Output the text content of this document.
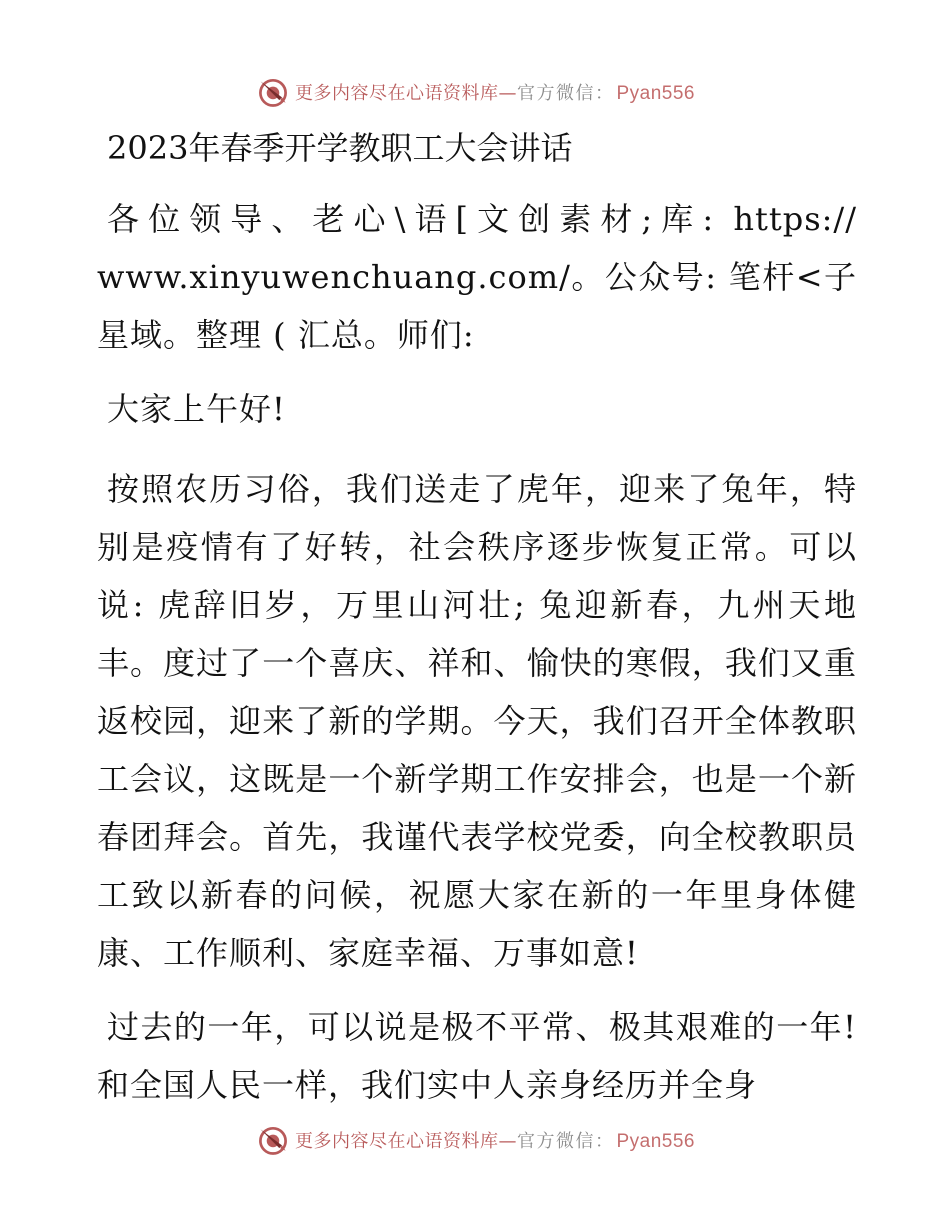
更多内容尽在心语资料库—官方微信： Pyan556
2023年春季开学教职工大会讲话

各位领导、老心\语[文创素材;库: https:// www.xinyuwenchuang.com/。公众号: 笔杆<子星域。整理 ( 汇总。师们:

大家上午好!

按照农历习俗，我们送走了虎年，迎来了兔年，特别是疫情有了好转，社会秩序逐步恢复正常。可以说: 虎辞旧岁，万里山河壮; 兔迎新春，九州天地丰。度过了一个喜庆、祥和、愉快的寒假，我们又重返校园，迎来了新的学期。今天，我们召开全体教职工会议，这既是一个新学期工作安排会，也是一个新春团拜会。首先，我谨代表学校党委，向全校教职员工致以新春的问候，祝愿大家在新的一年里身体健康、工作顺利、家庭幸福、万事如意!

过去的一年，可以说是极不平常、极其艰难的一年! 和全国人民一样，我们实中人亲身经历并全身

更多内容尽在心语资料库—官方微信： Pyan556
